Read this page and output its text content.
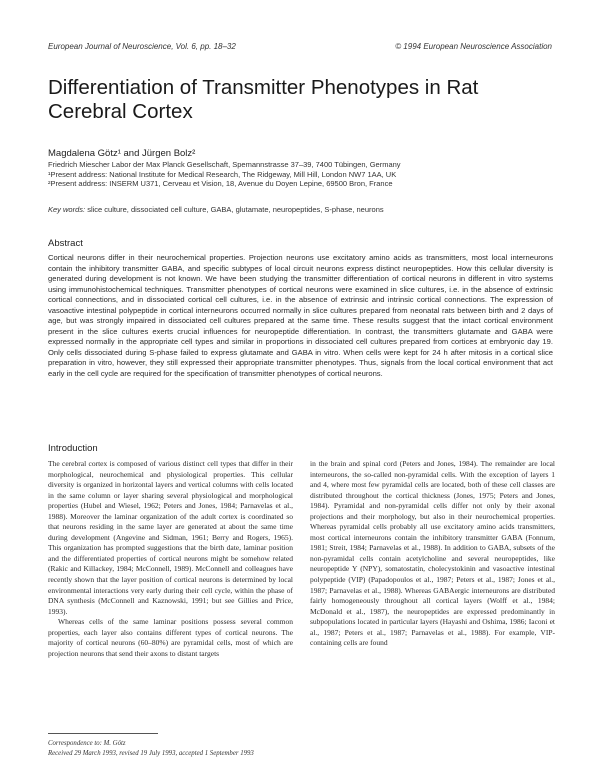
European Journal of Neuroscience, Vol. 6, pp. 18–32	© 1994 European Neuroscience Association
Differentiation of Transmitter Phenotypes in Rat Cerebral Cortex
Magdalena Götz¹ and Jürgen Bolz²
Friedrich Miescher Labor der Max Planck Gesellschaft, Spemannstrasse 37–39, 7400 Tübingen, Germany
¹Present address: National Institute for Medical Research, The Ridgeway, Mill Hill, London NW7 1AA, UK
²Present address: INSERM U371, Cerveau et Vision, 18, Avenue du Doyen Lepine, 69500 Bron, France
Key words: slice culture, dissociated cell culture, GABA, glutamate, neuropeptides, S-phase, neurons
Abstract

Cortical neurons differ in their neurochemical properties. Projection neurons use excitatory amino acids as transmitters, most local interneurons contain the inhibitory transmitter GABA, and specific subtypes of local circuit neurons express distinct neuropeptides. How this cellular diversity is generated during development is not known. We have been studying the transmitter differentiation of cortical neurons in different in vitro systems using immunohistochemical techniques. Transmitter phenotypes of cortical neurons were examined in slice cultures, i.e. in the absence of extrinsic cortical connections, and in dissociated cortical cell cultures, i.e. in the absence of extrinsic and intrinsic cortical connections. The expression of vasoactive intestinal polypeptide in cortical interneurons occurred normally in slice cultures prepared from neonatal rats between birth and 2 days of age, but was strongly impaired in dissociated cell cultures prepared at the same time. These results suggest that the intact cortical environment present in the slice cultures exerts crucial influences for neuropeptide differentiation. In contrast, the transmitters glutamate and GABA were expressed normally in the appropriate cell types and similar in proportions in dissociated cell cultures prepared from cortices at embryonic day 19. Only cells dissociated during S-phase failed to express glutamate and GABA in vitro. When cells were kept for 24 h after mitosis in a cortical slice preparation in vitro, however, they still expressed their appropriate transmitter phenotypes. Thus, signals from the local cortical environment that act early in the cell cycle are required for the specification of transmitter phenotypes of cortical neurons.

Introduction

The cerebral cortex is composed of various distinct cell types that differ in their morphological, neurochemical and physiological properties. This cellular diversity is organized in horizontal layers and vertical columns with cells located in the same column or layer sharing several physiological and morphological properties (Hubel and Wiesel, 1962; Peters and Jones, 1984; Parnavelas et al., 1988). Moreover the laminar organization of the adult cortex is coordinated so that neurons residing in the same layer are generated at about the same time during development (Angevine and Sidman, 1961; Berry and Rogers, 1965). This organization has prompted suggestions that the birth date, laminar position and the differentiated properties of cortical neurons might be somehow related (Rakic and Killackey, 1984; McConnell, 1989). McConnell and colleagues have recently shown that the layer position of cortical neurons is determined by local environmental interactions very early during their cell cycle, within the phase of DNA synthesis (McConnell and Kaznowski, 1991; but see Gillies and Price, 1993).

Whereas cells of the same laminar positions possess several common properties, each layer also contains different types of cortical neurons. The majority of cortical neurons (60–80%) are pyramidal cells, most of which are projection neurons that send their axons to distant targets

in the brain and spinal cord (Peters and Jones, 1984). The remainder are local interneurons, the so-called non-pyramidal cells. With the exception of layers 1 and 4, where most few pyramidal cells are located, both of these cell classes are distributed throughout the cortical thickness (Jones, 1975; Peters and Jones, 1984). Pyramidal and non-pyramidal cells differ not only by their axonal projections and their morphology, but also in their neurochemical properties. Whereas pyramidal cells probably all use excitatory amino acids transmitters, most cortical interneurons contain the inhibitory transmitter GABA (Fonnum, 1981; Streit, 1984; Parnavelas et al., 1988). In addition to GABA, subsets of the non-pyramidal cells contain acetylcholine and several neuropeptides, like neuropeptide Y (NPY), somatostatin, cholecystokinin and vasoactive intestinal polypeptide (VIP) (Papadopoulos et al., 1987; Peters et al., 1987; Jones et al., 1987; Parnavelas et al., 1988). Whereas GABAergic interneurons are distributed fairly homogeneously throughout all cortical layers (Wolff et al., 1984; McDonald et al., 1987), the neuropeptides are expressed predominantly in subpopulations located in particular layers (Hayashi and Oshima, 1986; Iaconi et al., 1987; Peters et al., 1987; Parnavelas et al., 1988). For example, VIP-containing cells are found

Correspondence to: M. Götz
Received 29 March 1993, revised 19 July 1993, accepted 1 September 1993
